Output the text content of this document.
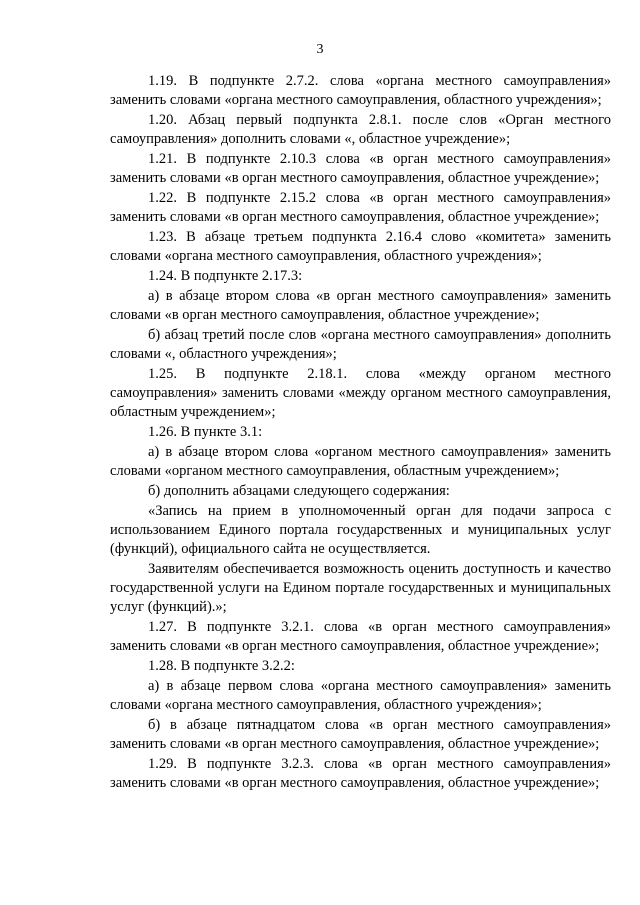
3

1.19. В подпункте 2.7.2. слова «органа местного самоуправления» заменить словами «органа местного самоуправления, областного учреждения»;

1.20. Абзац первый подпункта 2.8.1. после слов «Орган местного самоуправления» дополнить словами «, областное учреждение»;

1.21. В подпункте 2.10.3 слова «в орган местного самоуправления» заменить словами «в орган местного самоуправления, областное учреждение»;

1.22. В подпункте 2.15.2 слова «в орган местного самоуправления» заменить словами «в орган местного самоуправления, областное учреждение»;

1.23. В абзаце третьем подпункта 2.16.4 слово «комитета» заменить словами «органа местного самоуправления, областного учреждения»;

1.24. В подпункте 2.17.3:

а) в абзаце втором слова «в орган местного самоуправления» заменить словами «в орган местного самоуправления, областное учреждение»;

б) абзац третий после слов «органа местного самоуправления» дополнить словами «, областного учреждения»;

1.25. В подпункте 2.18.1. слова «между органом местного самоуправления» заменить словами «между органом местного самоуправления, областным учреждением»;

1.26. В пункте 3.1:

а) в абзаце втором слова «органом местного самоуправления» заменить словами «органом местного самоуправления, областным учреждением»;

б) дополнить абзацами следующего содержания:

«Запись на прием в уполномоченный орган для подачи запроса с использованием Единого портала государственных и муниципальных услуг (функций), официального сайта не осуществляется.

Заявителям обеспечивается возможность оценить доступность и качество государственной услуги на Едином портале государственных и муниципальных услуг (функций).»;

1.27. В подпункте 3.2.1. слова «в орган местного самоуправления» заменить словами «в орган местного самоуправления, областное учреждение»;

1.28. В подпункте 3.2.2:

а) в абзаце первом слова «органа местного самоуправления» заменить словами «органа местного самоуправления, областного учреждения»;

б) в абзаце пятнадцатом слова «в орган местного самоуправления» заменить словами «в орган местного самоуправления, областное учреждение»;

1.29. В подпункте 3.2.3. слова «в орган местного самоуправления» заменить словами «в орган местного самоуправления, областное учреждение»;
